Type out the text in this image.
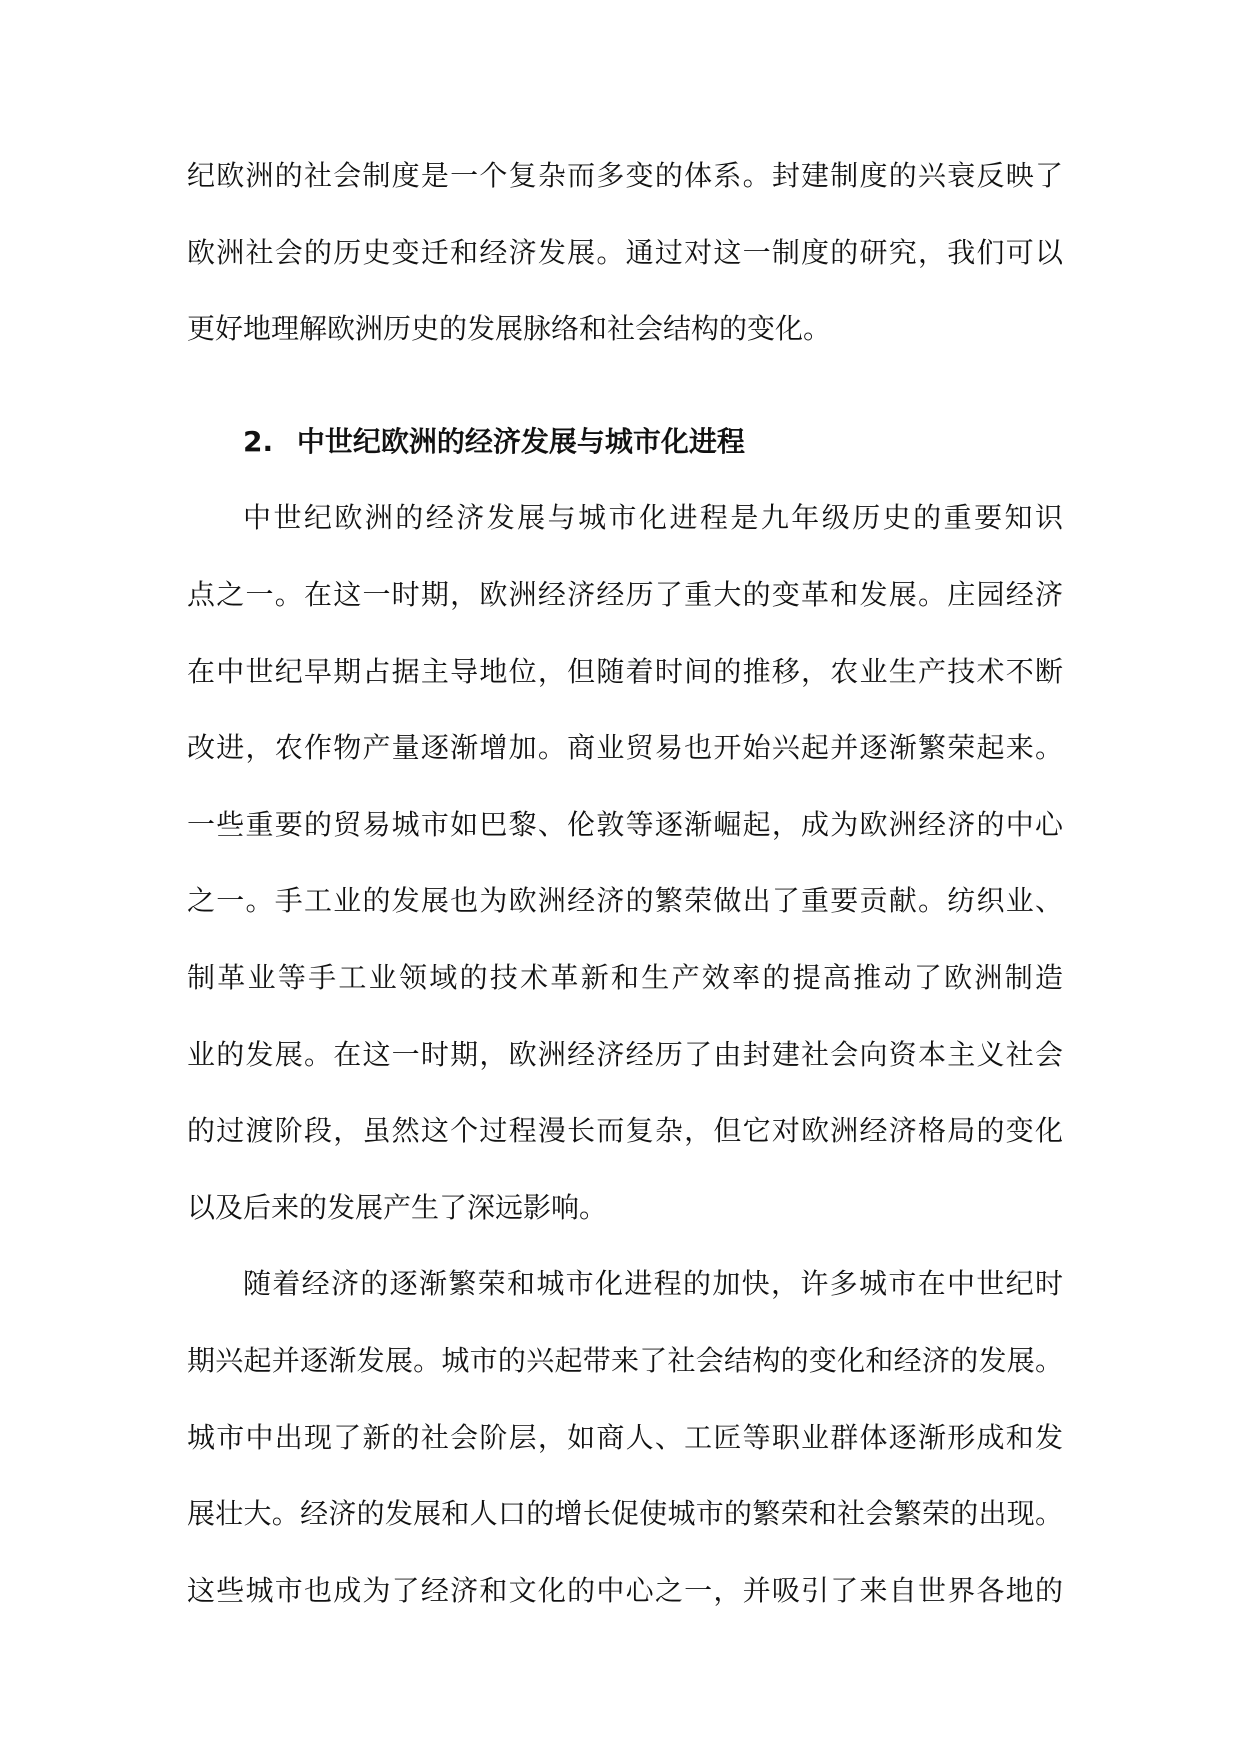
纪欧洲的社会制度是一个复杂而多变的体系。封建制度的兴衰反映了
欧洲社会的历史变迁和经济发展。通过对这一制度的研究，我们可以
更好地理解欧洲历史的发展脉络和社会结构的变化。
2. 中世纪欧洲的经济发展与城市化进程
中世纪欧洲的经济发展与城市化进程是九年级历史的重要知识
点之一。在这一时期，欧洲经济经历了重大的变革和发展。庄园经济
在中世纪早期占据主导地位，但随着时间的推移，农业生产技术不断
改进，农作物产量逐渐增加。商业贸易也开始兴起并逐渐繁荣起来。
一些重要的贸易城市如巴黎、伦敦等逐渐崛起，成为欧洲经济的中心
之一。手工业的发展也为欧洲经济的繁荣做出了重要贡献。纺织业、
制革业等手工业领域的技术革新和生产效率的提高推动了欧洲制造
业的发展。在这一时期，欧洲经济经历了由封建社会向资本主义社会
的过渡阶段，虽然这个过程漫长而复杂，但它对欧洲经济格局的变化
以及后来的发展产生了深远影响。
随着经济的逐渐繁荣和城市化进程的加快，许多城市在中世纪时
期兴起并逐渐发展。城市的兴起带来了社会结构的变化和经济的发展。
城市中出现了新的社会阶层，如商人、工匠等职业群体逐渐形成和发
展壮大。经济的发展和人口的增长促使城市的繁荣和社会繁荣的出现。
这些城市也成为了经济和文化的中心之一，并吸引了来自世界各地的
